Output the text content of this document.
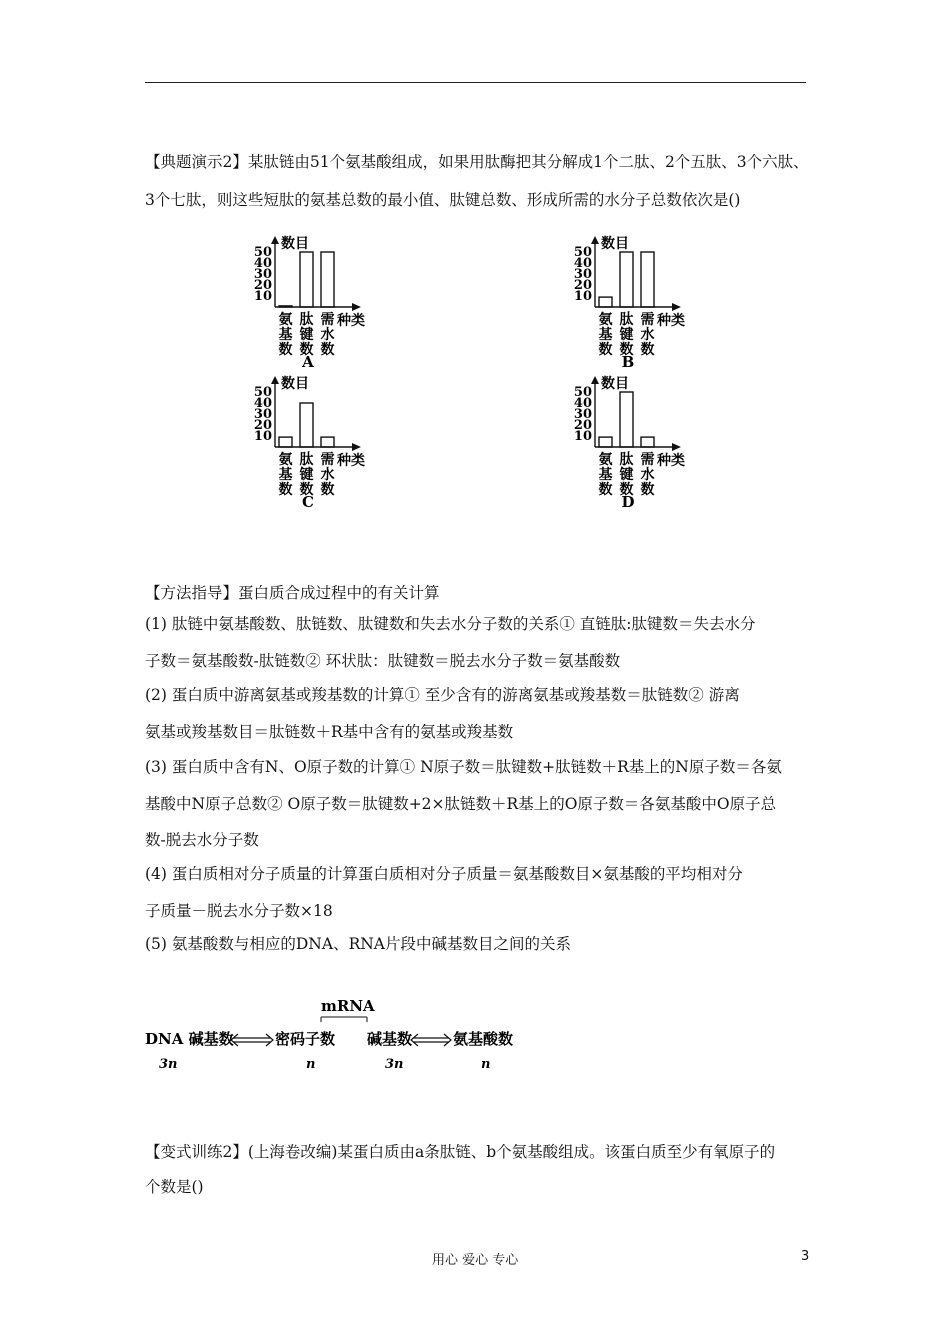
【典题演示2】某肽链由51个氨基酸组成，如果用肽酶把其分解成1个二肽、2个五肽、3个六肽、
3个七肽，则这些短肽的氨基总数的最小值、肽键总数、形成所需的水分子总数依次是()
数目
种类
10
20
30
40
50
氨
基
数
肽
键
数
需
水
数
A
数目
种类
10
20
30
40
50
氨
基
数
肽
键
数
需
水
数
B
数目
种类
10
20
30
40
50
氨
基
数
肽
键
数
需
水
数
C
数目
种类
10
20
30
40
50
氨
基
数
肽
键
数
需
水
数
D
【方法指导】蛋白质合成过程中的有关计算
(1) 肽链中氨基酸数、肽链数、肽键数和失去水分子数的关系① 直链肽:肽键数＝失去水分
子数＝氨基酸数-肽链数② 环状肽：肽键数＝脱去水分子数＝氨基酸数
(2) 蛋白质中游离氨基或羧基数的计算① 至少含有的游离氨基或羧基数＝肽链数② 游离
氨基或羧基数目＝肽链数＋R基中含有的氨基或羧基数
(3) 蛋白质中含有N、O原子数的计算① N原子数＝肽键数+肽链数＋R基上的N原子数＝各氨
基酸中N原子总数② O原子数＝肽键数+2×肽链数＋R基上的O原子数＝各氨基酸中O原子总
数-脱去水分子数
(4) 蛋白质相对分子质量的计算蛋白质相对分子质量＝氨基酸数目×氨基酸的平均相对分
子质量－脱去水分子数×18
(5) 氨基酸数与相应的DNA、RNA片段中碱基数目之间的关系
mRNA
DNA 碱基数	密码子数 碱基数	氨基酸数
3n	n	3n	n
【变式训练2】(上海卷改编)某蛋白质由a条肽链、b个氨基酸组成。该蛋白质至少有氧原子的
个数是()
用心 爱心 专心	3
